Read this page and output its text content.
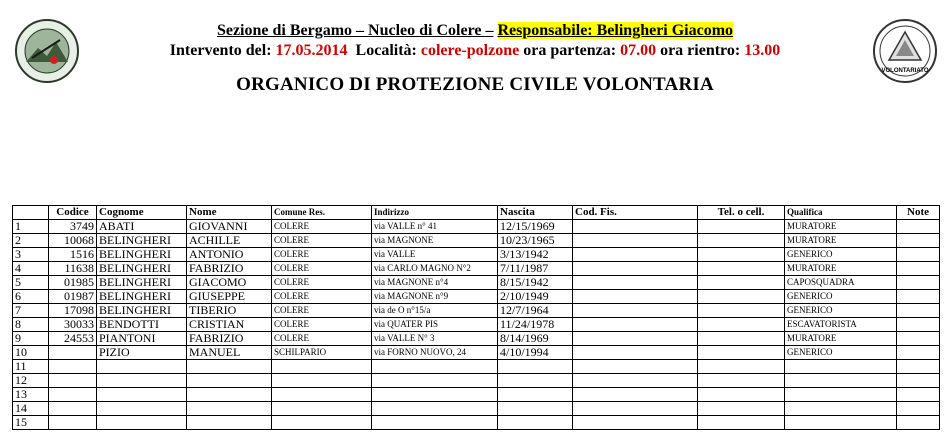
VOLONTARIATO
Sezione di Bergamo – Nucleo di Colere – Responsabile: Belingheri Giacomo
Intervento del: 17.05.2014 Località: colere-polzone ora partenza: 07.00 ora rientro: 13.00
ORGANICO DI PROTEZIONE CIVILE VOLONTARIA
	Codice	Cognome	Nome	Comune Res.	Indirizzo	Nascita	Cod. Fis.	Tel. o cell.	Qualifica	Note
1	3749	ABATI	GIOVANNI	COLERE	via VALLE n° 41	12/15/1969			MURATORE	
2	10068	BELINGHERI	ACHILLE	COLERE	via MAGNONE	10/23/1965			MURATORE	
3	1516	BELINGHERI	ANTONIO	COLERE	via VALLE	3/13/1942			GENERICO	
4	11638	BELINGHERI	FABRIZIO	COLERE	via CARLO MAGNO N°2	7/11/1987			MURATORE	
5	01985	BELINGHERI	GIACOMO	COLERE	via MAGNONE n°4	8/15/1942			CAPOSQUADRA	
6	01987	BELINGHERI	GIUSEPPE	COLERE	via MAGNONE n°9	2/10/1949			GENERICO	
7	17098	BELINGHERI	TIBERIO	COLERE	via de O n°15/a	12/7/1964			GENERICO	
8	30033	BENDOTTI	CRISTIAN	COLERE	via QUATER PIS	11/24/1978			ESCAVATORISTA	
9	24553	PIANTONI	FABRIZIO	COLERE	via VALLE N° 3	8/14/1969			MURATORE	
10		PIZIO	MANUEL	SCHILPARIO	via FORNO NUOVO, 24	4/10/1994			GENERICO	
11										
12										
13										
14										
15										
